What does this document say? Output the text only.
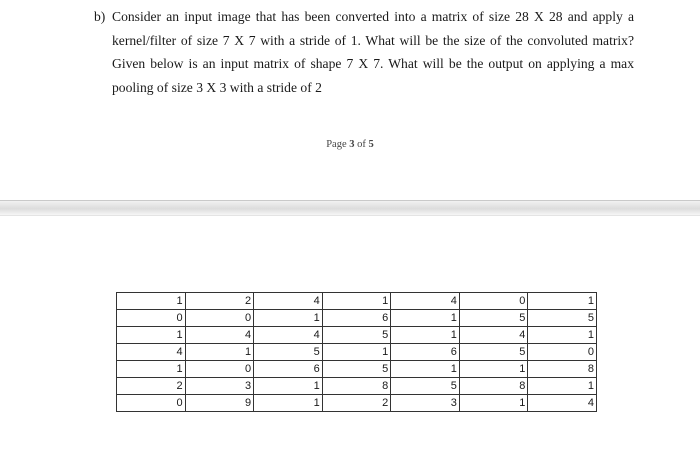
b) Consider an input image that has been converted into a matrix of size 28 X 28 and apply a kernel/filter of size 7 X 7 with a stride of 1. What will be the size of the convoluted matrix? Given below is an input matrix of shape 7 X 7. What will be the output on applying a max pooling of size 3 X 3 with a stride of 2
Page 3 of 5
1	2	4	1	4	0	1
0	0	1	6	1	5	5
1	4	4	5	1	4	1
4	1	5	1	6	5	0
1	0	6	5	1	1	8
2	3	1	8	5	8	1
0	9	1	2	3	1	4
